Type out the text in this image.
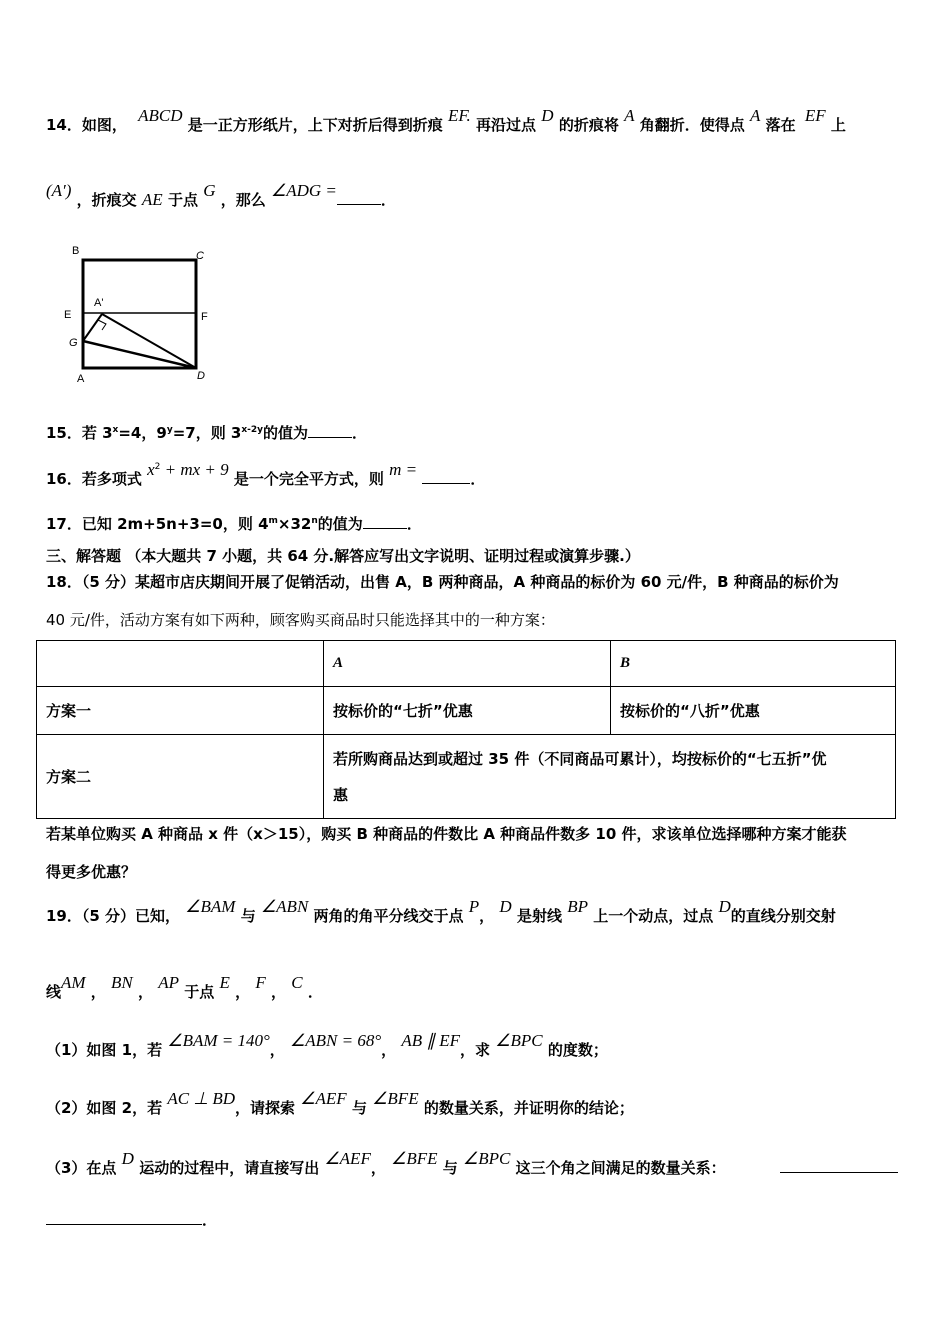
14．如图， ABCD 是一正方形纸片，上下对折后得到折痕 EF. 再沿过点 D 的折痕将 A 角翻折．使得点 A 落在 EF 上
(A′) ，折痕交 AE 于点 G ，那么 ∠ADG =	．
B	C
E	F
A'
G
A	D
15．若 $3^x=4$，$9^y=7$，则 $3^{x-2y}$的值为	．
16．若多项式 $x^2$ + mx + 9 是一个完全平方式，则 m =	．
17．已知 2m+5n+3=0，则 $4^m\times 32^n$的值为	．
三、解答题 （本大题共 7 小题，共 64 分.解答应写出文字说明、证明过程或演算步骤.）
18．（5 分）某超市店庆期间开展了促销活动，出售 A，B 两种商品，A 种商品的标价为 60 元/件，B 种商品的标价为
40 元/件，活动方案有如下两种，顾客购买商品时只能选择其中的一种方案：
	A	B
方案一	按标价的“七折”优惠	按标价的“八折”优惠
方案二	若所购商品达到或超过 35 件（不同商品可累计），均按标价的“七五折”优
惠	
若某单位购买 A 种商品 x 件（x＞15），购买 B 种商品的件数比 A 种商品件数多 10 件，求该单位选择哪种方案才能获
得更多优惠？
19．（5 分）已知， ∠BAM 与 ∠ABN 两角的角平分线交于点 P， D 是射线 BP 上一个动点，过点 D的直线分别交射
线AM ， BN ， AP 于点 E ， F ， C ．
（1）如图 1，若 ∠BAM = 140°， ∠ABN = 68°， AB ∥ EF，求 ∠BPC 的度数；
（2）如图 2，若 AC ⊥ BD，请探索 ∠AEF 与 ∠BFE 的数量关系，并证明你的结论；
（3）在点 D 运动的过程中，请直接写出 ∠AEF， ∠BFE 与 ∠BPC 这三个角之间满足的数量关系：
．
